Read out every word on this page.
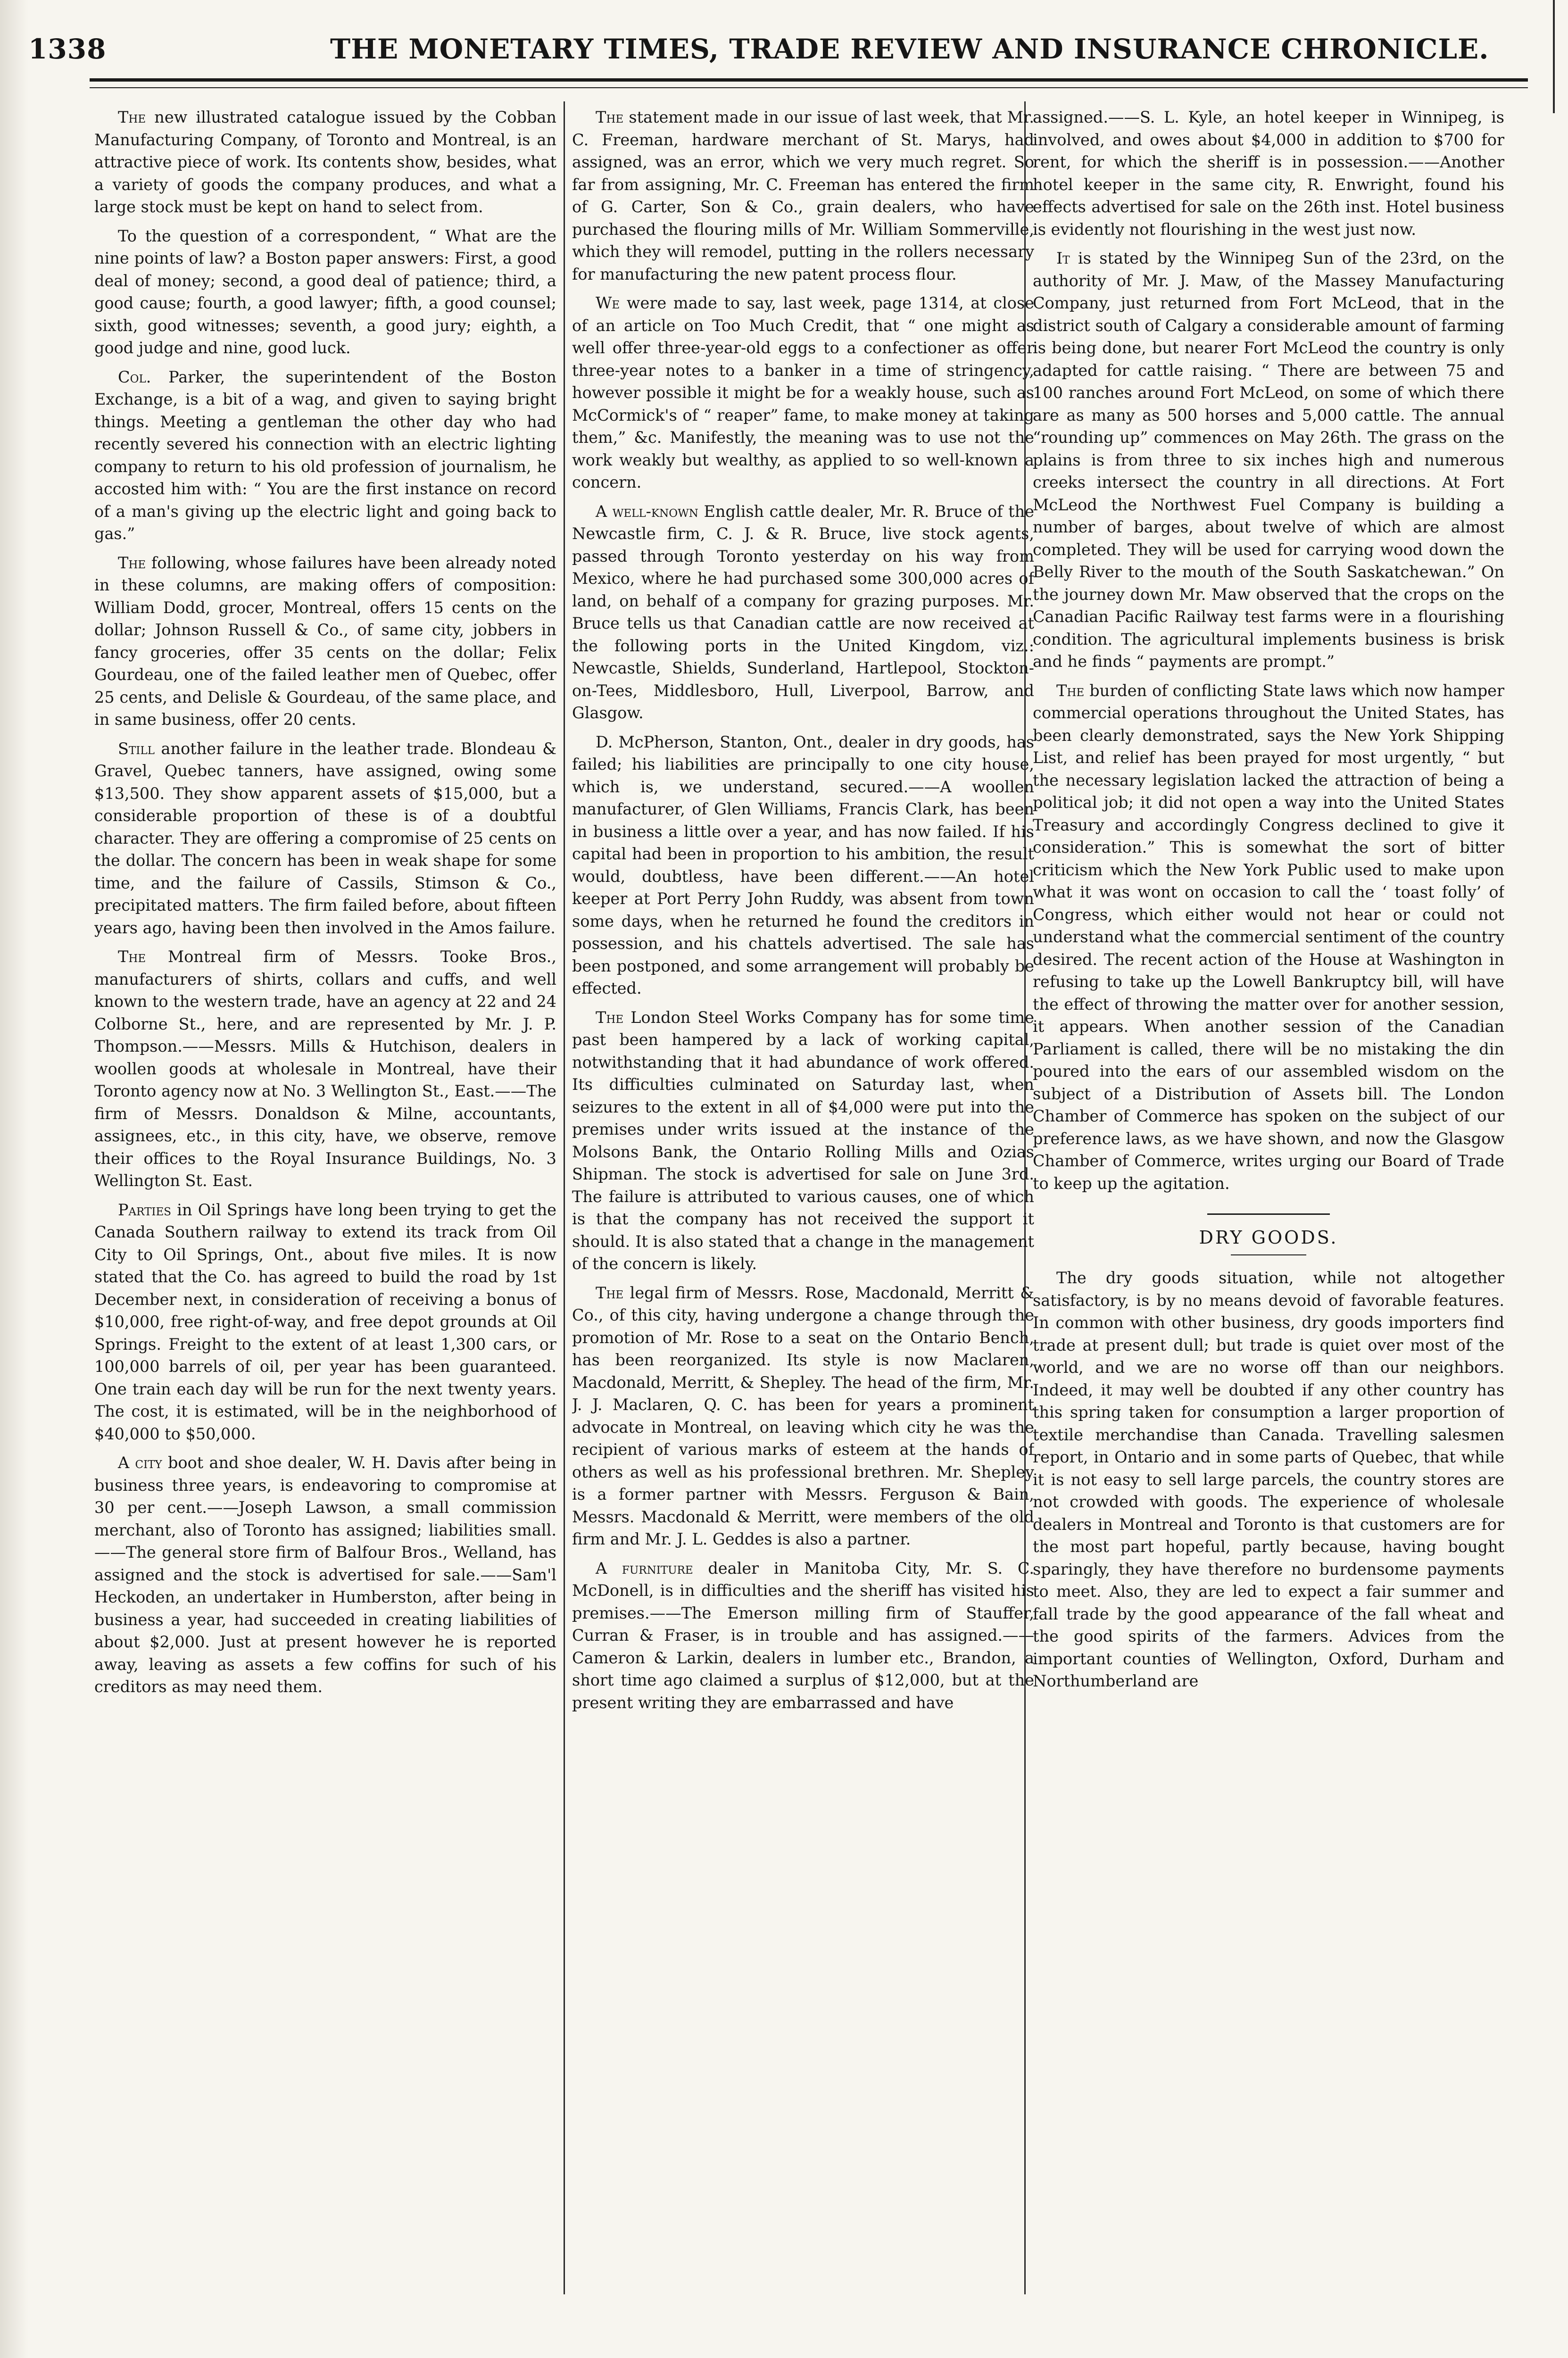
1338	THE MONETARY TIMES, TRADE REVIEW AND INSURANCE CHRONICLE.

The new illustrated catalogue issued by the Cobban Manufacturing Company, of Toronto and Montreal, is an attractive piece of work. Its contents show, besides, what a variety of goods the company produces, and what a large stock must be kept on hand to select from.

To the question of a correspondent, “ What are the nine points of law? a Boston paper answers: First, a good deal of money; second, a good deal of patience; third, a good cause; fourth, a good lawyer; fifth, a good counsel; sixth, good witnesses; seventh, a good jury; eighth, a good judge and nine, good luck.

Col. Parker, the superintendent of the Boston Exchange, is a bit of a wag, and given to saying bright things. Meeting a gentleman the other day who had recently severed his connection with an electric lighting company to return to his old profession of journalism, he accosted him with: “ You are the first instance on record of a man's giving up the electric light and going back to gas.”

The following, whose failures have been already noted in these columns, are making offers of composition: William Dodd, grocer, Montreal, offers 15 cents on the dollar; Johnson Russell & Co., of same city, jobbers in fancy groceries, offer 35 cents on the dollar; Felix Gourdeau, one of the failed leather men of Quebec, offer 25 cents, and Delisle & Gourdeau, of the same place, and in same business, offer 20 cents.

Still another failure in the leather trade. Blondeau & Gravel, Quebec tanners, have assigned, owing some $13,500. They show apparent assets of $15,000, but a considerable proportion of these is of a doubtful character. They are offering a compromise of 25 cents on the dollar. The concern has been in weak shape for some time, and the failure of Cassils, Stimson & Co., precipitated matters. The firm failed before, about fifteen years ago, having been then involved in the Amos failure.

The Montreal firm of Messrs. Tooke Bros., manufacturers of shirts, collars and cuffs, and well known to the western trade, have an agency at 22 and 24 Colborne St., here, and are represented by Mr. J. P. Thompson.——Messrs. Mills & Hutchison, dealers in woollen goods at wholesale in Montreal, have their Toronto agency now at No. 3 Wellington St., East.——The firm of Messrs. Donaldson & Milne, accountants, assignees, etc., in this city, have, we observe, remove their offices to the Royal Insurance Buildings, No. 3 Wellington St. East.

Parties in Oil Springs have long been trying to get the Canada Southern railway to extend its track from Oil City to Oil Springs, Ont., about five miles. It is now stated that the Co. has agreed to build the road by 1st December next, in consideration of receiving a bonus of $10,000, free right-of-way, and free depot grounds at Oil Springs. Freight to the extent of at least 1,300 cars, or 100,000 barrels of oil, per year has been guaranteed. One train each day will be run for the next twenty years. The cost, it is estimated, will be in the neighborhood of $40,000 to $50,000.

A city boot and shoe dealer, W. H. Davis after being in business three years, is endeavoring to compromise at 30 per cent.——Joseph Lawson, a small commission merchant, also of Toronto has assigned; liabilities small.——The general store firm of Balfour Bros., Welland, has assigned and the stock is advertised for sale.——Sam'l Heckoden, an undertaker in Humberston, after being in business a year, had succeeded in creating liabilities of about $2,000. Just at present however he is reported away, leaving as assets a few coffins for such of his creditors as may need them.

The statement made in our issue of last week, that Mr. C. Freeman, hardware merchant of St. Marys, had assigned, was an error, which we very much regret. So far from assigning, Mr. C. Freeman has entered the firm of G. Carter, Son & Co., grain dealers, who have purchased the flouring mills of Mr. William Sommerville, which they will remodel, putting in the rollers necessary for manufacturing the new patent process flour.

We were made to say, last week, page 1314, at close of an article on Too Much Credit, that “ one might as well offer three-year-old eggs to a confectioner as offer three-year notes to a banker in a time of stringency, however possible it might be for a weakly house, such as McCormick's of “ reaper” fame, to make money at taking them,” &c. Manifestly, the meaning was to use not the work weakly but wealthy, as applied to so well-known a concern.

A well-known English cattle dealer, Mr. R. Bruce of the Newcastle firm, C. J. & R. Bruce, live stock agents, passed through Toronto yesterday on his way from Mexico, where he had purchased some 300,000 acres of land, on behalf of a company for grazing purposes. Mr. Bruce tells us that Canadian cattle are now received at the following ports in the United Kingdom, viz.: Newcastle, Shields, Sunderland, Hartlepool, Stockton-on-Tees, Middlesboro, Hull, Liverpool, Barrow, and Glasgow.

D. McPherson, Stanton, Ont., dealer in dry goods, has failed; his liabilities are principally to one city house, which is, we understand, secured.——A woollen manufacturer, of Glen Williams, Francis Clark, has been in business a little over a year, and has now failed. If his capital had been in proportion to his ambition, the result would, doubtless, have been different.——An hotel keeper at Port Perry John Ruddy, was absent from town some days, when he returned he found the creditors in possession, and his chattels advertised. The sale has been postponed, and some arrangement will probably be effected.

The London Steel Works Company has for some time past been hampered by a lack of working capital, notwithstanding that it had abundance of work offered. Its difficulties culminated on Saturday last, when seizures to the extent in all of $4,000 were put into the premises under writs issued at the instance of the Molsons Bank, the Ontario Rolling Mills and Ozias Shipman. The stock is advertised for sale on June 3rd. The failure is attributed to various causes, one of which is that the company has not received the support it should. It is also stated that a change in the management of the concern is likely.

The legal firm of Messrs. Rose, Macdonald, Merritt & Co., of this city, having undergone a change through the promotion of Mr. Rose to a seat on the Ontario Bench, has been reorganized. Its style is now Maclaren, Macdonald, Merritt, & Shepley. The head of the firm, Mr. J. J. Maclaren, Q. C. has been for years a prominent advocate in Montreal, on leaving which city he was the recipient of various marks of esteem at the hands of others as well as his professional brethren. Mr. Shepley is a former partner with Messrs. Ferguson & Bain, Messrs. Macdonald & Merritt, were members of the old firm and Mr. J. L. Geddes is also a partner.

A furniture dealer in Manitoba City, Mr. S. C. McDonell, is in difficulties and the sheriff has visited his premises.——The Emerson milling firm of Stauffer, Curran & Fraser, is in trouble and has assigned.——Cameron & Larkin, dealers in lumber etc., Brandon, a short time ago claimed a surplus of $12,000, but at the present writing they are embarrassed and have

assigned.——S. L. Kyle, an hotel keeper in Winnipeg, is involved, and owes about $4,000 in addition to $700 for rent, for which the sheriff is in possession.——Another hotel keeper in the same city, R. Enwright, found his effects advertised for sale on the 26th inst. Hotel business is evidently not flourishing in the west just now.

It is stated by the Winnipeg Sun of the 23rd, on the authority of Mr. J. Maw, of the Massey Manufacturing Company, just returned from Fort McLeod, that in the district south of Calgary a considerable amount of farming is being done, but nearer Fort McLeod the country is only adapted for cattle raising. “ There are between 75 and 100 ranches around Fort McLeod, on some of which there are as many as 500 horses and 5,000 cattle. The annual “rounding up” commences on May 26th. The grass on the plains is from three to six inches high and numerous creeks intersect the country in all directions. At Fort McLeod the Northwest Fuel Company is building a number of barges, about twelve of which are almost completed. They will be used for carrying wood down the Belly River to the mouth of the South Saskatchewan.” On the journey down Mr. Maw observed that the crops on the Canadian Pacific Railway test farms were in a flourishing condition. The agricultural implements business is brisk and he finds “ payments are prompt.”

The burden of conflicting State laws which now hamper commercial operations throughout the United States, has been clearly demonstrated, says the New York Shipping List, and relief has been prayed for most urgently, “ but the necessary legislation lacked the attraction of being a political job; it did not open a way into the United States Treasury and accordingly Congress declined to give it consideration.” This is somewhat the sort of bitter criticism which the New York Public used to make upon what it was wont on occasion to call the ‘ toast folly’ of Congress, which either would not hear or could not understand what the commercial sentiment of the country desired. The recent action of the House at Washington in refusing to take up the Lowell Bankruptcy bill, will have the effect of throwing the matter over for another session, it appears. When another session of the Canadian Parliament is called, there will be no mistaking the din poured into the ears of our assembled wisdom on the subject of a Distribution of Assets bill. The London Chamber of Commerce has spoken on the subject of our preference laws, as we have shown, and now the Glasgow Chamber of Commerce, writes urging our Board of Trade to keep up the agitation.

DRY GOODS.

The dry goods situation, while not altogether satisfactory, is by no means devoid of favorable features. In common with other business, dry goods importers find trade at present dull; but trade is quiet over most of the world, and we are no worse off than our neighbors. Indeed, it may well be doubted if any other country has this spring taken for consumption a larger proportion of textile merchandise than Canada. Travelling salesmen report, in Ontario and in some parts of Quebec, that while it is not easy to sell large parcels, the country stores are not crowded with goods. The experience of wholesale dealers in Montreal and Toronto is that customers are for the most part hopeful, partly because, having bought sparingly, they have therefore no burdensome payments to meet. Also, they are led to expect a fair summer and fall trade by the good appearance of the fall wheat and the good spirits of the farmers. Advices from the important counties of Wellington, Oxford, Durham and Northumberland are
